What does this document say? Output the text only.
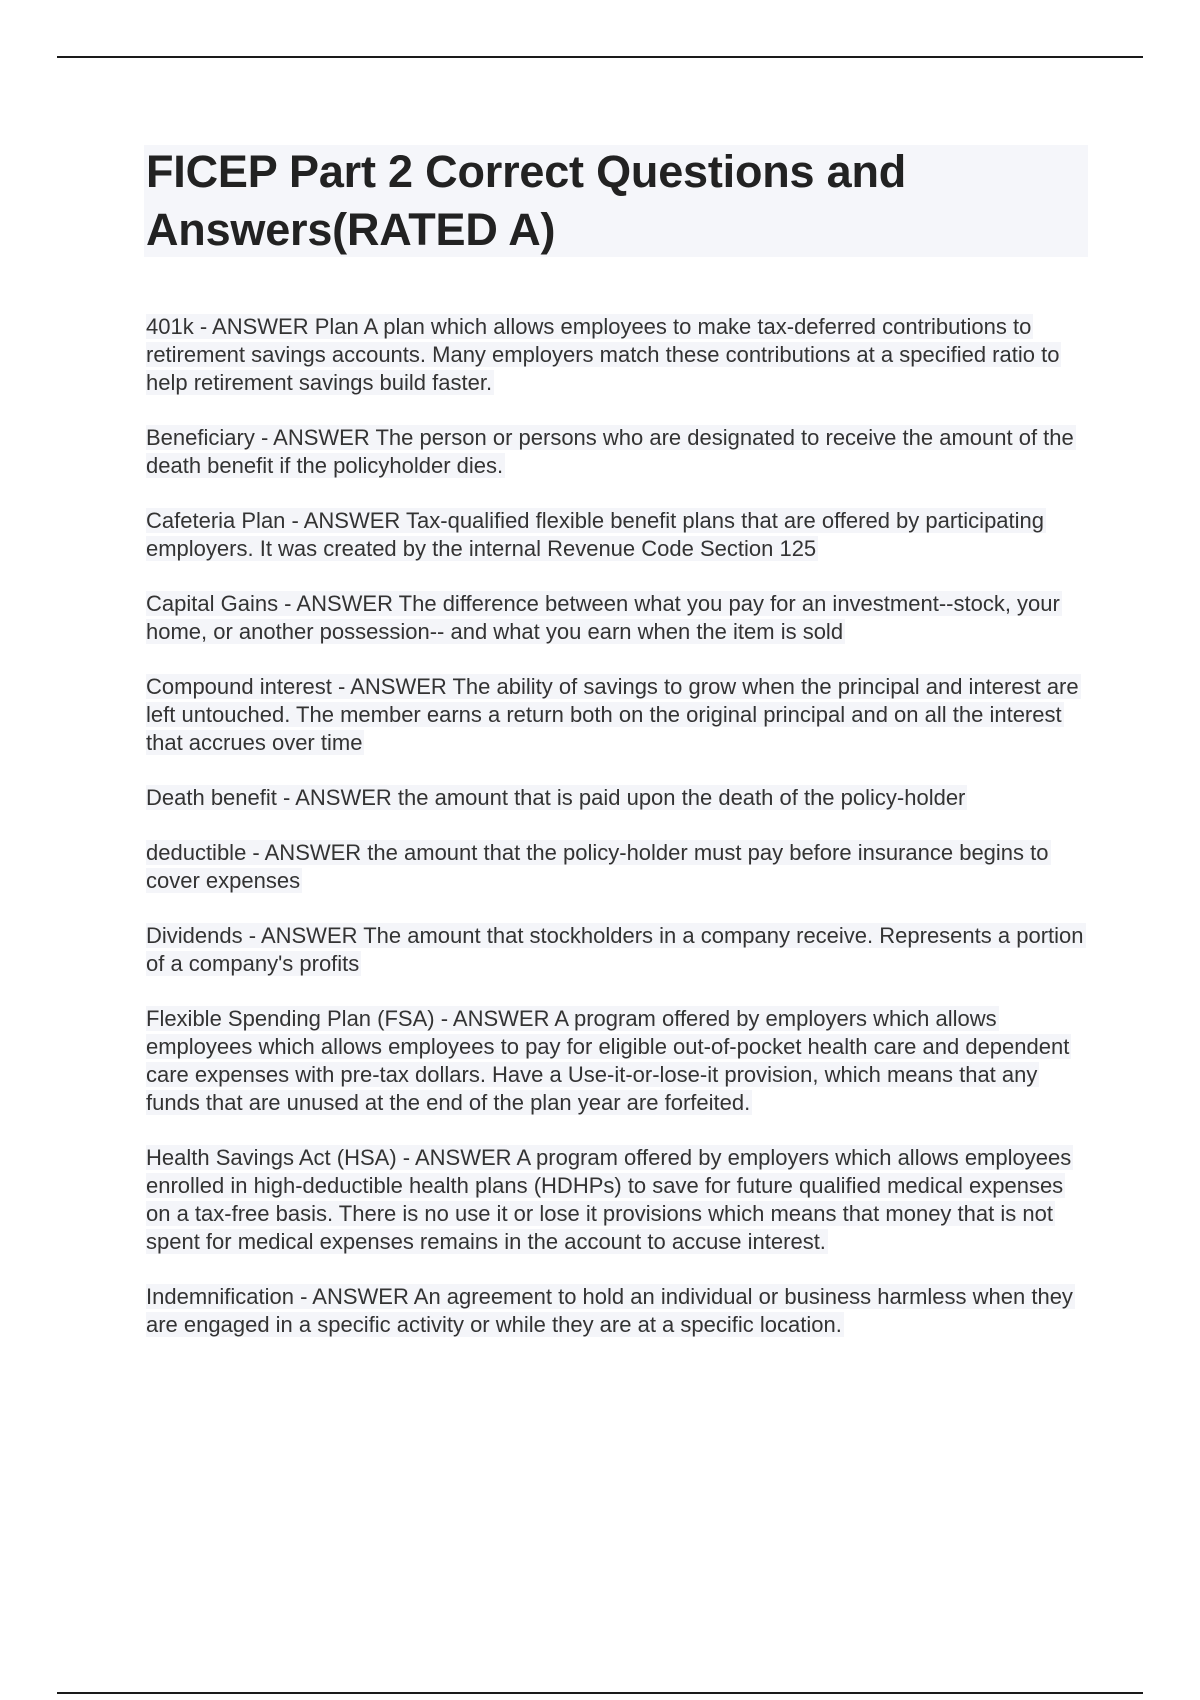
FICEP Part 2 Correct Questions and Answers(RATED A)

401k - ANSWER Plan A plan which allows employees to make tax-deferred contributions to retirement savings accounts. Many employers match these contributions at a specified ratio to help retirement savings build faster.

Beneficiary - ANSWER The person or persons who are designated to receive the amount of the death benefit if the policyholder dies.

Cafeteria Plan - ANSWER Tax-qualified flexible benefit plans that are offered by participating employers. It was created by the internal Revenue Code Section 125

Capital Gains - ANSWER The difference between what you pay for an investment--stock, your home, or another possession-- and what you earn when the item is sold

Compound interest - ANSWER The ability of savings to grow when the principal and interest are left untouched. The member earns a return both on the original principal and on all the interest that accrues over time

Death benefit - ANSWER the amount that is paid upon the death of the policy-holder

deductible - ANSWER the amount that the policy-holder must pay before insurance begins to cover expenses

Dividends - ANSWER The amount that stockholders in a company receive. Represents a portion of a company's profits

Flexible Spending Plan (FSA) - ANSWER A program offered by employers which allows employees which allows employees to pay for eligible out-of-pocket health care and dependent care expenses with pre-tax dollars. Have a Use-it-or-lose-it provision, which means that any funds that are unused at the end of the plan year are forfeited.

Health Savings Act (HSA) - ANSWER A program offered by employers which allows employees enrolled in high-deductible health plans (HDHPs) to save for future qualified medical expenses on a tax-free basis. There is no use it or lose it provisions which means that money that is not spent for medical expenses remains in the account to accuse interest.

Indemnification - ANSWER An agreement to hold an individual or business harmless when they are engaged in a specific activity or while they are at a specific location.
